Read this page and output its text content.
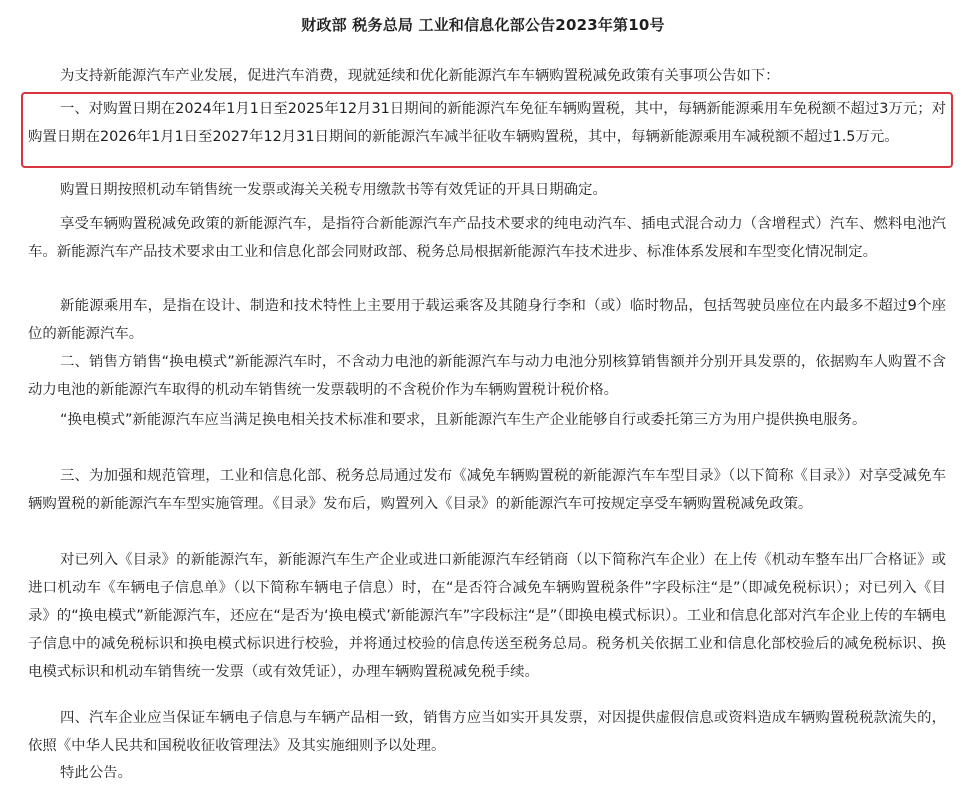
财政部 税务总局 工业和信息化部公告2023年第10号
为支持新能源汽车产业发展，促进汽车消费，现就延续和优化新能源汽车车辆购置税减免政策有关事项公告如下：
一、对购置日期在2024年1月1日至2025年12月31日期间的新能源汽车免征车辆购置税，其中，每辆新能源乘用车免税额不超过3万元；对购置日期在2026年1月1日至2027年12月31日期间的新能源汽车减半征收车辆购置税，其中，每辆新能源乘用车减税额不超过1.5万元。
购置日期按照机动车销售统一发票或海关关税专用缴款书等有效凭证的开具日期确定。
享受车辆购置税减免政策的新能源汽车，是指符合新能源汽车产品技术要求的纯电动汽车、插电式混合动力（含增程式）汽车、燃料电池汽车。新能源汽车产品技术要求由工业和信息化部会同财政部、税务总局根据新能源汽车技术进步、标准体系发展和车型变化情况制定。
新能源乘用车，是指在设计、制造和技术特性上主要用于载运乘客及其随身行李和（或）临时物品，包括驾驶员座位在内最多不超过9个座位的新能源汽车。
二、销售方销售“换电模式”新能源汽车时，不含动力电池的新能源汽车与动力电池分别核算销售额并分别开具发票的，依据购车人购置不含动力电池的新能源汽车取得的机动车销售统一发票载明的不含税价作为车辆购置税计税价格。
“换电模式”新能源汽车应当满足换电相关技术标准和要求，且新能源汽车生产企业能够自行或委托第三方为用户提供换电服务。
三、为加强和规范管理，工业和信息化部、税务总局通过发布《减免车辆购置税的新能源汽车车型目录》（以下简称《目录》）对享受减免车辆购置税的新能源汽车车型实施管理。《目录》发布后，购置列入《目录》的新能源汽车可按规定享受车辆购置税减免政策。
对已列入《目录》的新能源汽车，新能源汽车生产企业或进口新能源汽车经销商（以下简称汽车企业）在上传《机动车整车出厂合格证》或进口机动车《车辆电子信息单》（以下简称车辆电子信息）时，在“是否符合减免车辆购置税条件”字段标注“是”（即减免税标识）；对已列入《目录》的“换电模式”新能源汽车，还应在“是否为‘换电模式’新能源汽车”字段标注“是”（即换电模式标识）。工业和信息化部对汽车企业上传的车辆电子信息中的减免税标识和换电模式标识进行校验，并将通过校验的信息传送至税务总局。税务机关依据工业和信息化部校验后的减免税标识、换电模式标识和机动车销售统一发票（或有效凭证），办理车辆购置税减免税手续。
四、汽车企业应当保证车辆电子信息与车辆产品相一致，销售方应当如实开具发票，对因提供虚假信息或资料造成车辆购置税税款流失的，依照《中华人民共和国税收征收管理法》及其实施细则予以处理。
特此公告。
